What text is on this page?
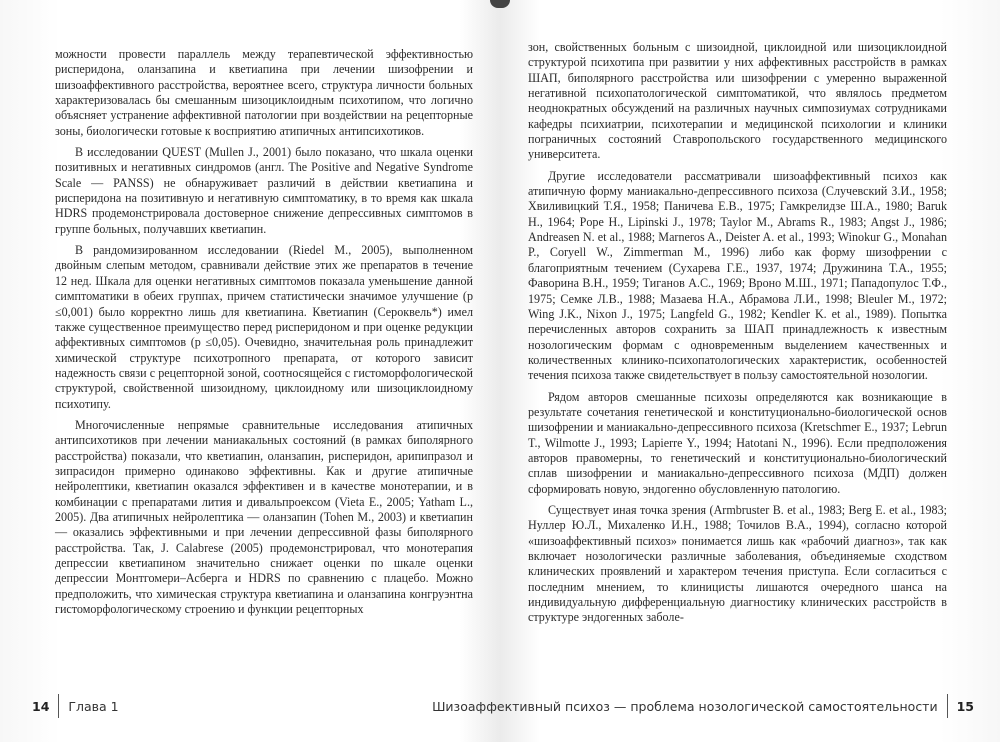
можности провести параллель между терапевтической эффективностью рисперидона, оланзапина и кветиапина при лечении шизофрении и шизоаффективного расстройства, вероятнее всего, структура личности больных характеризовалась бы смешанным шизоциклоидным психотипом, что логично объясняет устранение аффективной патологии при воздействии на рецепторные зоны, биологически готовые к восприятию атипичных антипсихотиков.

В исследовании QUEST (Mullen J., 2001) было показано, что шкала оценки позитивных и негативных синдромов (англ. The Positive and Negative Syndrome Scale — PANSS) не обнаруживает различий в действии кветиапина и рисперидона на позитивную и негативную симптоматику, в то время как шкала HDRS продемонстрировала достоверное снижение депрессивных симптомов в группе больных, получавших кветиапин.

В рандомизированном исследовании (Riedel M., 2005), выполненном двойным слепым методом, сравнивали действие этих же препаратов в течение 12 нед. Шкала для оценки негативных симптомов показала уменьшение данной симптоматики в обеих группах, причем статистически значимое улучшение (p ≤0,001) было корректно лишь для кветиапина. Кветиапин (Сероквель*) имел также существенное преимущество перед рисперидоном и при оценке редукции аффективных симптомов (p ≤0,05). Очевидно, значительная роль принадлежит химической структуре психотропного препарата, от которого зависит надежность связи с рецепторной зоной, соотносящейся с гистоморфологической структурой, свойственной шизоидному, циклоидному или шизоциклоидному психотипу.

Многочисленные непрямые сравнительные исследования атипичных антипсихотиков при лечении маниакальных состояний (в рамках биполярного расстройства) показали, что кветиапин, оланзапин, рисперидон, арипипразол и зипрасидон примерно одинаково эффективны. Как и другие атипичные нейролептики, кветиапин оказался эффективен и в качестве монотерапии, и в комбинации с препаратами лития и дивальпроексом (Vieta E., 2005; Yatham L., 2005). Два атипичных нейролептика — оланзапин (Tohen M., 2003) и кветиапин — оказались эффективными и при лечении депрессивной фазы биполярного расстройства. Так, J. Calabrese (2005) продемонстрировал, что монотерапия депрессии кветиапином значительно снижает оценки по шкале оценки депрессии Монтгомери–Асберга и HDRS по сравнению с плацебо. Можно предположить, что химическая структура кветиапина и оланзапина конгруэнтна гистоморфологическому строению и функции рецепторных

14 Глава 1

зон, свойственных больным с шизоидной, циклоидной или шизоциклоидной структурой психотипа при развитии у них аффективных расстройств в рамках ШАП, биполярного расстройства или шизофрении с умеренно выраженной негативной психопатологической симптоматикой, что являлось предметом неоднократных обсуждений на различных научных симпозиумах сотрудниками кафедры психиатрии, психотерапии и медицинской психологии и клиники пограничных состояний Ставропольского государственного медицинского университета.

Другие исследователи рассматривали шизоаффективный психоз как атипичную форму маниакально-депрессивного психоза (Случевский З.И., 1958; Хвиливицкий Т.Я., 1958; Паничева Е.В., 1975; Гамкрелидзе Ш.А., 1980; Baruk H., 1964; Pope H., Lipinski J., 1978; Taylor M., Abrams R., 1983; Angst J., 1986; Andreasen N. et al., 1988; Marneros A., Deister A. et al., 1993; Winokur G., Monahan P., Coryell W., Zimmerman M., 1996) либо как форму шизофрении с благоприятным течением (Сухарева Г.Е., 1937, 1974; Дружинина Т.А., 1955; Фаворина В.Н., 1959; Тиганов А.С., 1969; Вроно М.Ш., 1971; Пападопулос Т.Ф., 1975; Семке Л.В., 1988; Мазаева Н.А., Абрамова Л.И., 1998; Bleuler M., 1972; Wing J.K., Nixon J., 1975; Langfeld G., 1982; Kendler K. et al., 1989). Попытка перечисленных авторов сохранить за ШАП принадлежность к известным нозологическим формам с одновременным выделением качественных и количественных клинико-психопатологических характеристик, особенностей течения психоза также свидетельствует в пользу самостоятельной нозологии.

Рядом авторов смешанные психозы определяются как возникающие в результате сочетания генетической и конституционально-биологической основ шизофрении и маниакально-депрессивного психоза (Kretschmer E., 1937; Lebrun T., Wilmotte J., 1993; Lapierre Y., 1994; Hatotani N., 1996). Если предположения авторов правомерны, то генетический и конституционально-биологический сплав шизофрении и маниакально-депрессивного психоза (МДП) должен сформировать новую, эндогенно обусловленную патологию.

Существует иная точка зрения (Armbruster B. et al., 1983; Berg E. et al., 1983; Нуллер Ю.Л., Михаленко И.Н., 1988; Точилов В.А., 1994), согласно которой «шизоаффективный психоз» понимается лишь как «рабочий диагноз», так как включает нозологически различные заболевания, объединяемые сходством клинических проявлений и характером течения приступа. Если согласиться с последним мнением, то клиницисты лишаются очередного шанса на индивидуальную дифференциальную диагностику клинических расстройств в структуре эндогенных заболе-

Шизоаффективный психоз — проблема нозологической самостоятельности 15
